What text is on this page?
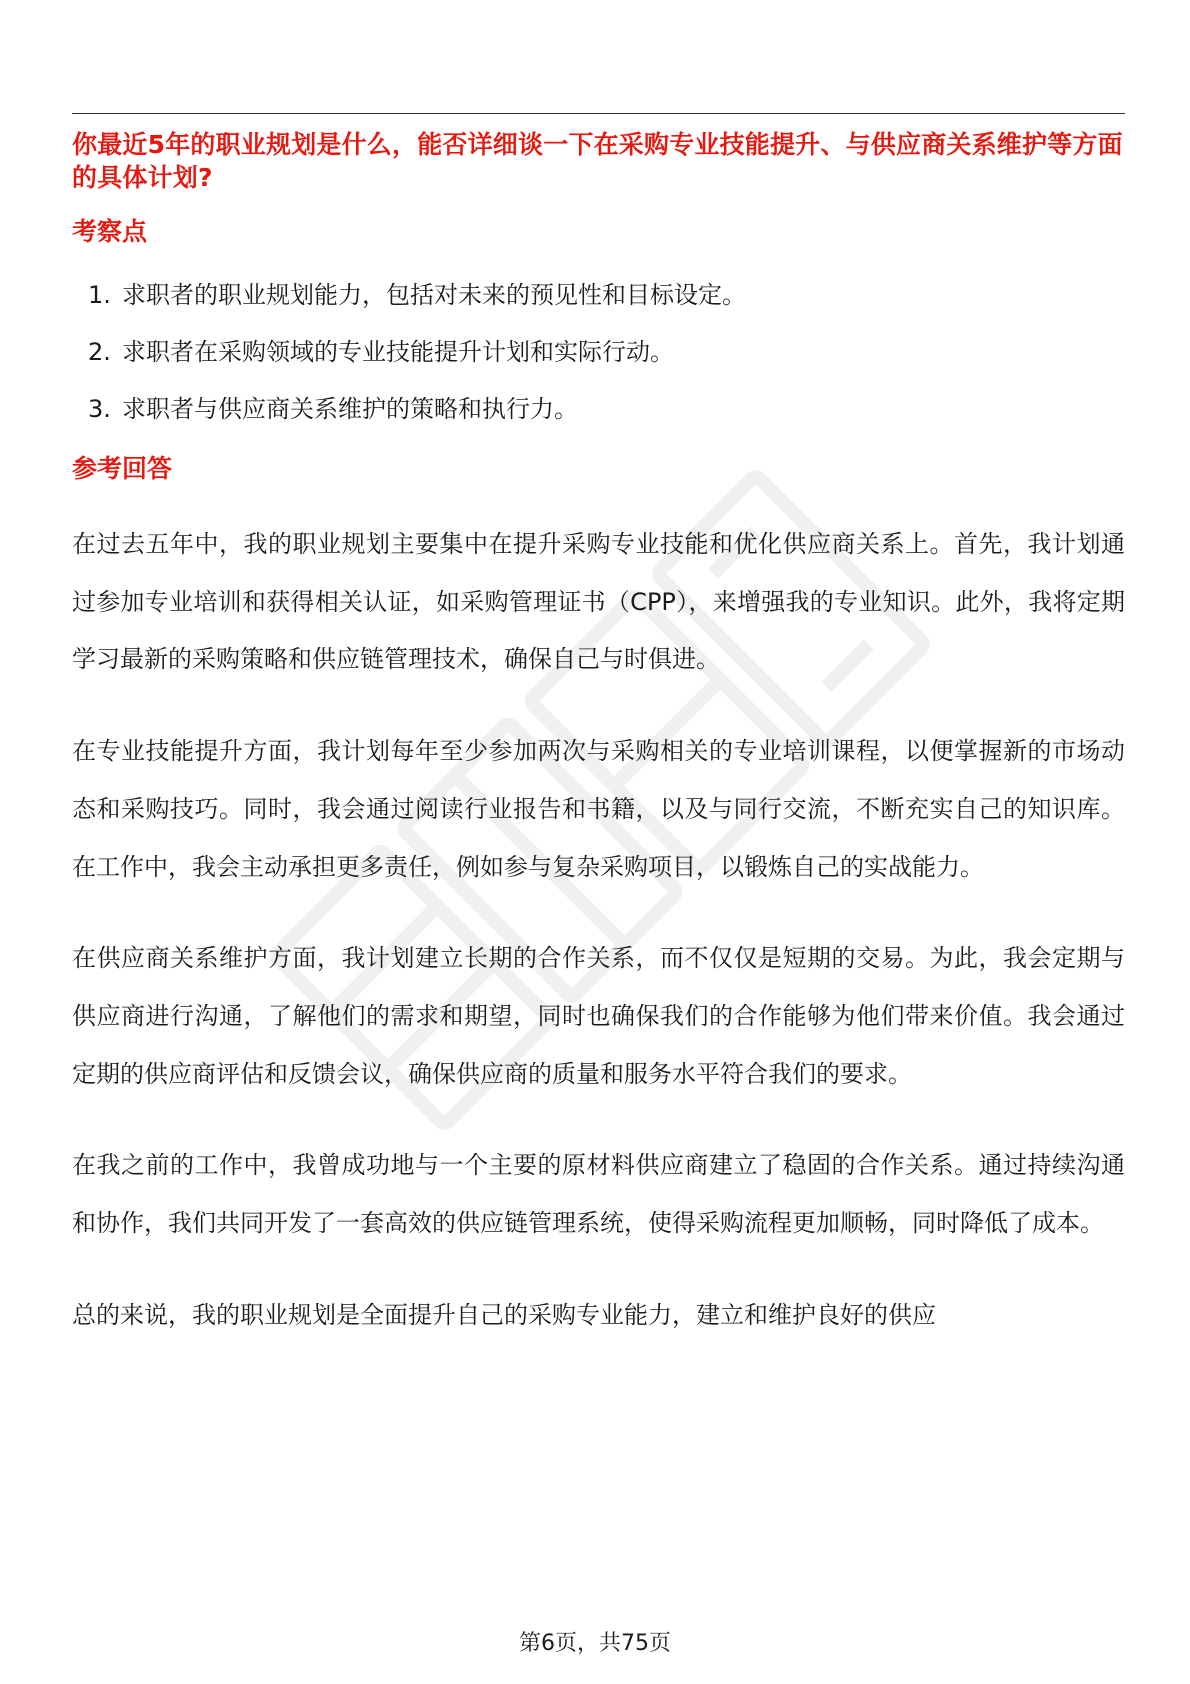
你最近5年的职业规划是什么，能否详细谈一下在采购专业技能提升、与供应商关系维护等方面的具体计划?
考察点
1. 求职者的职业规划能力，包括对未来的预见性和目标设定。
2. 求职者在采购领域的专业技能提升计划和实际行动。
3. 求职者与供应商关系维护的策略和执行力。
参考回答

在过去五年中，我的职业规划主要集中在提升采购专业技能和优化供应商关系上。首先，我计划通过参加专业培训和获得相关认证，如采购管理证书（CPP），来增强我的专业知识。此外，我将定期学习最新的采购策略和供应链管理技术，确保自己与时俱进。

在专业技能提升方面，我计划每年至少参加两次与采购相关的专业培训课程，以便掌握新的市场动态和采购技巧。同时，我会通过阅读行业报告和书籍，以及与同行交流，不断充实自己的知识库。在工作中，我会主动承担更多责任，例如参与复杂采购项目，以锻炼自己的实战能力。

在供应商关系维护方面，我计划建立长期的合作关系，而不仅仅是短期的交易。为此，我会定期与供应商进行沟通，了解他们的需求和期望，同时也确保我们的合作能够为他们带来价值。我会通过定期的供应商评估和反馈会议，确保供应商的质量和服务水平符合我们的要求。

在我之前的工作中，我曾成功地与一个主要的原材料供应商建立了稳固的合作关系。通过持续沟通和协作，我们共同开发了一套高效的供应链管理系统，使得采购流程更加顺畅，同时降低了成本。

总的来说，我的职业规划是全面提升自己的采购专业能力，建立和维护良好的供应

第6页，共75页
